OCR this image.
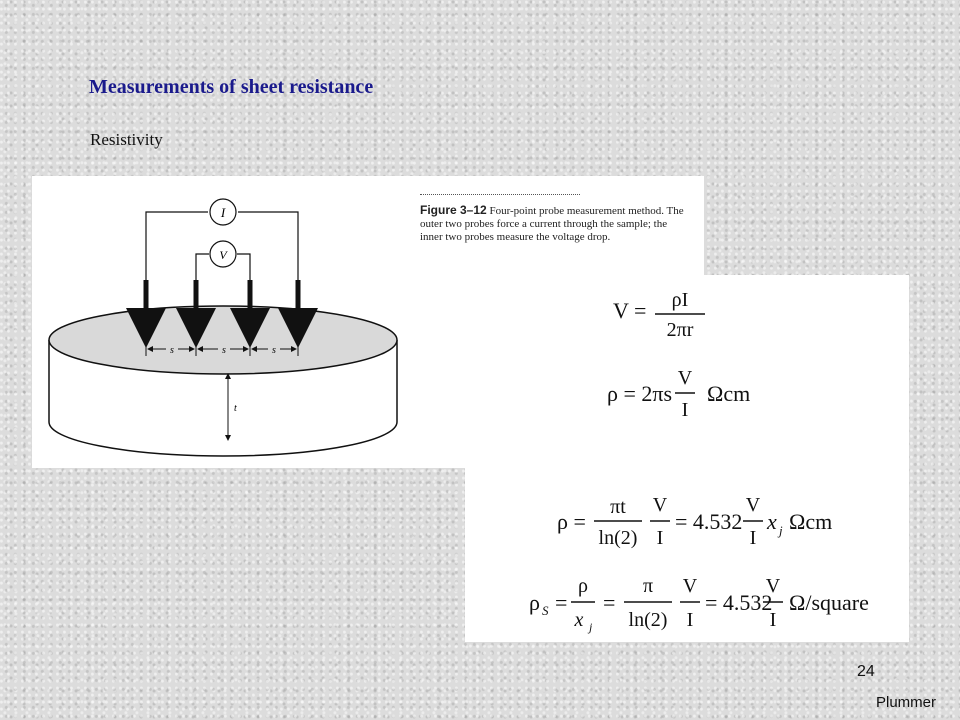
Measurements of sheet resistance
Resistivity
I
V
s	s	s
t
Figure 3–12 Four-point probe measurement method. The outer two probes force a current through the sample; the inner two probes measure the voltage drop.
V = ρI
2πr
ρ = 2πs
V
I
Ωcm
ρ =
πt
ln(2)
V
I
= 4.532
V
I
x j Ωcm
ρ S =
ρ
x j
=
π
ln(2)
V
I
= 4.532
V
I
Ω/square
24
Plummer
